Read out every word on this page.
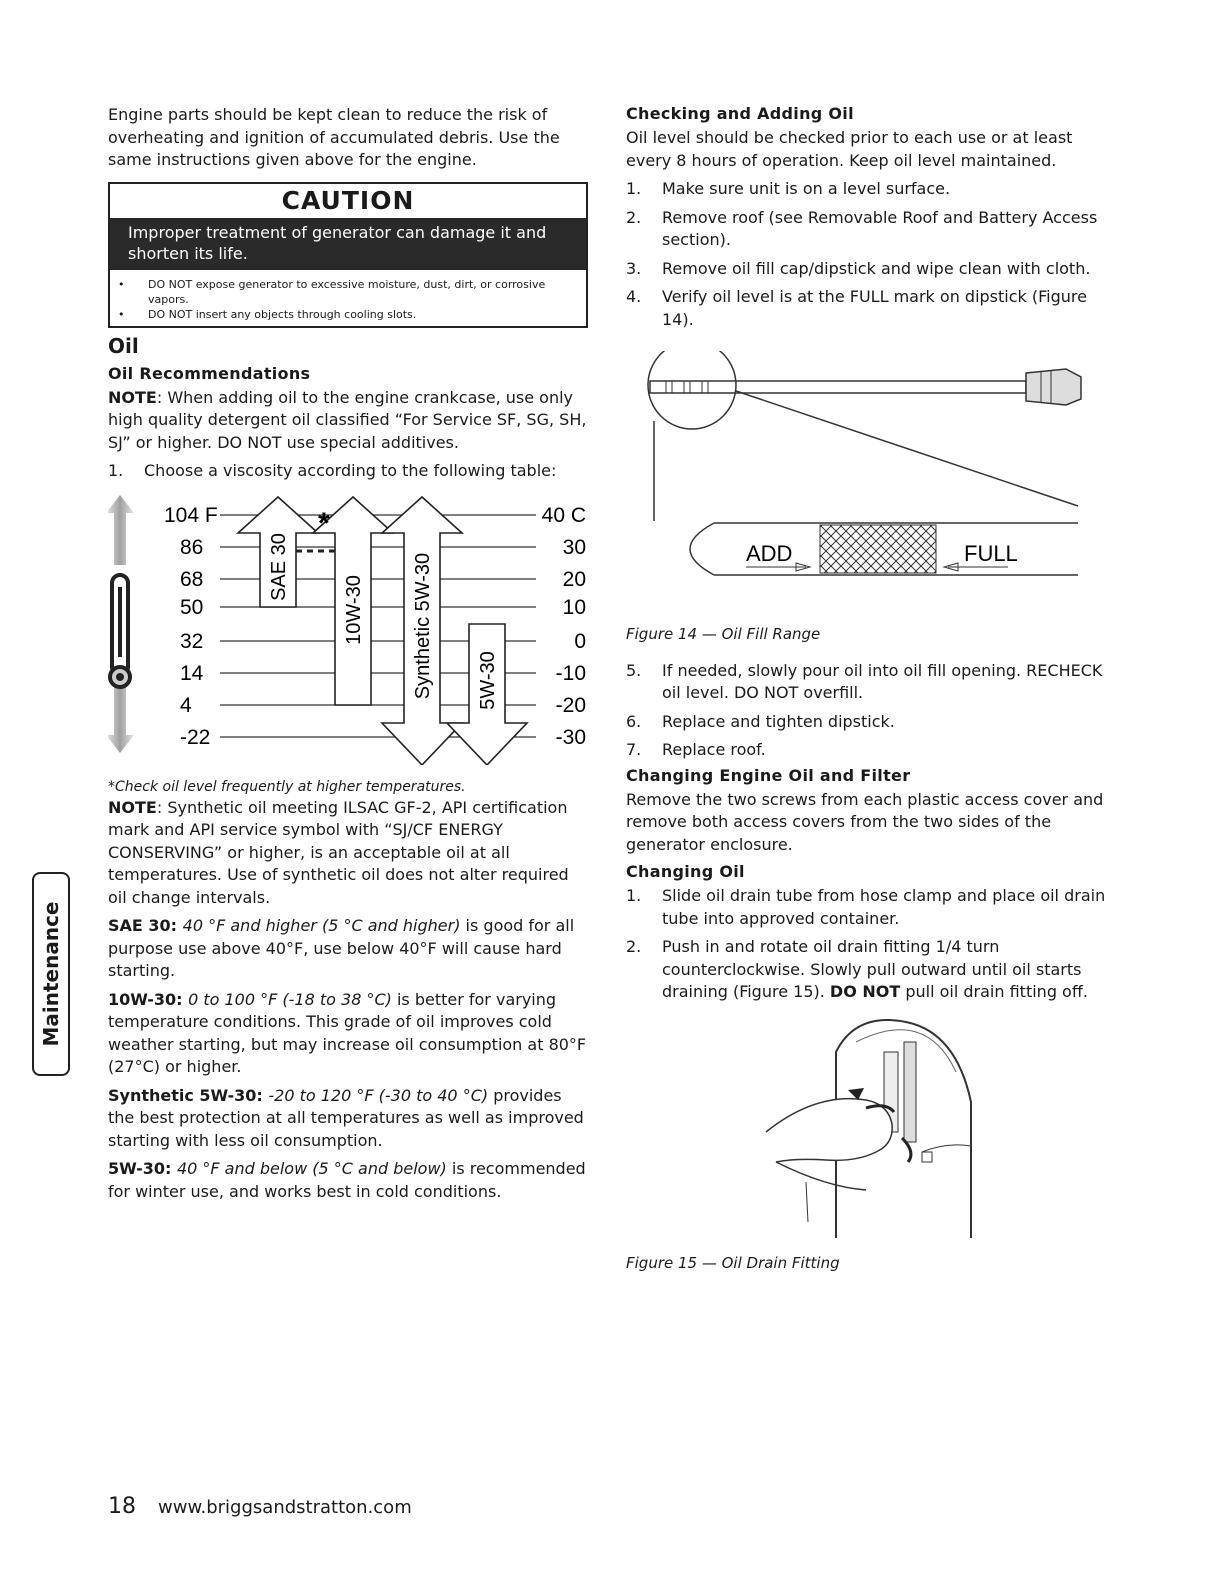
Engine parts should be kept clean to reduce the risk of overheating and ignition of accumulated debris. Use the same instructions given above for the engine.

CAUTION
Improper treatment of generator can damage it and shorten its life.
•	DO NOT expose generator to excessive moisture, dust, dirt, or corrosive vapors.
•	DO NOT insert any objects through cooling slots.
Oil
Oil Recommendations

NOTE: When adding oil to the engine crankcase, use only high quality detergent oil classified “For Service SF, SG, SH, SJ” or higher. DO NOT use special additives.

1.	Choose a viscosity according to the following table:
104 F
86
68
50
32
14
4
-22
40 C
30
20
10
0
-10
-20
-30
SAE 30
10W-30 Synthetic 5W-30 5W-30
*

*Check oil level frequently at higher temperatures.

NOTE: Synthetic oil meeting ILSAC GF-2, API certification mark and API service symbol with “SJ/CF ENERGY CONSERVING” or higher, is an acceptable oil at all temperatures. Use of synthetic oil does not alter required oil change intervals.

SAE 30: 40 °F and higher (5 °C and higher) is good for all purpose use above 40°F, use below 40°F will cause hard starting.

10W-30: 0 to 100 °F (-18 to 38 °C) is better for varying temperature conditions. This grade of oil improves cold weather starting, but may increase oil consumption at 80°F (27°C) or higher.

Synthetic 5W-30: -20 to 120 °F (-30 to 40 °C) provides the best protection at all temperatures as well as improved starting with less oil consumption.

5W-30: 40 °F and below (5 °C and below) is recommended for winter use, and works best in cold conditions.

Checking and Adding Oil

Oil level should be checked prior to each use or at least every 8 hours of operation. Keep oil level maintained.

1.	Make sure unit is on a level surface.
2.	Remove roof (see Removable Roof and Battery Access section).
3.	Remove oil fill cap/dipstick and wipe clean with cloth.
4.	Verify oil level is at the FULL mark on dipstick (Figure 14).
ADD	FULL

Figure 14 — Oil Fill Range

5.	If needed, slowly pour oil into oil fill opening. RECHECK oil level. DO NOT overfill.
6.	Replace and tighten dipstick.
7.	Replace roof.
Changing Engine Oil and Filter

Remove the two screws from each plastic access cover and remove both access covers from the two sides of the generator enclosure.

Changing Oil
1.	Slide oil drain tube from hose clamp and place oil drain tube into approved container.
2.	Push in and rotate oil drain fitting 1/4 turn counterclockwise. Slowly pull outward until oil starts draining (Figure 15). DO NOT pull oil drain fitting off.

Figure 15 — Oil Drain Fitting

Maintenance
18 www.briggsandstratton.com
